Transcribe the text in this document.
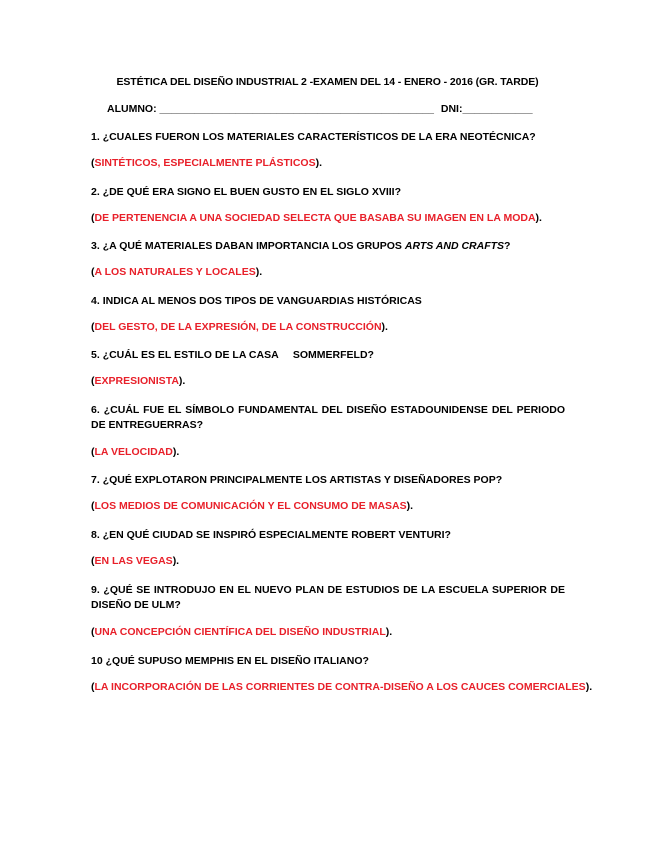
ESTÉTICA DEL DISEÑO INDUSTRIAL 2 -EXAMEN DEL 14 - ENERO - 2016 (GR. TARDE)
ALUMNO: _______________________________________________ DNI:____________
1. ¿CUALES FUERON LOS MATERIALES CARACTERÍSTICOS DE LA ERA NEOTÉCNICA?
(SINTÉTICOS, ESPECIALMENTE PLÁSTICOS).
2. ¿DE QUÉ ERA SIGNO EL BUEN GUSTO EN EL SIGLO XVIII?
(DE PERTENENCIA A UNA SOCIEDAD SELECTA QUE BASABA SU IMAGEN EN LA MODA).
3. ¿A QUÉ MATERIALES DABAN IMPORTANCIA LOS GRUPOS ARTS AND CRAFTS?
(A LOS NATURALES Y LOCALES).
4. INDICA AL MENOS DOS TIPOS DE VANGUARDIAS HISTÓRICAS
(DEL GESTO, DE LA EXPRESIÓN, DE LA CONSTRUCCIÓN).
5. ¿CUÁL ES EL ESTILO DE LA CASA     SOMMERFELD?
(EXPRESIONISTA).
6. ¿CUÁL FUE EL SÍMBOLO FUNDAMENTAL DEL DISEÑO ESTADOUNIDENSE DEL PERIODO DE ENTREGUERRAS?
(LA VELOCIDAD).
7. ¿QUÉ EXPLOTARON PRINCIPALMENTE LOS ARTISTAS Y DISEÑADORES POP?
(LOS MEDIOS DE COMUNICACIÓN Y EL CONSUMO DE MASAS).
8. ¿EN QUÉ CIUDAD SE INSPIRÓ ESPECIALMENTE ROBERT VENTURI?
(EN LAS VEGAS).
9. ¿QUÉ SE INTRODUJO EN EL NUEVO PLAN DE ESTUDIOS DE LA ESCUELA SUPERIOR DE DISEÑO DE ULM?
(UNA CONCEPCIÓN CIENTÍFICA DEL DISEÑO INDUSTRIAL).
10 ¿QUÉ SUPUSO MEMPHIS EN EL DISEÑO ITALIANO?
(LA INCORPORACIÓN DE LAS CORRIENTES DE CONTRA-DISEÑO A LOS CAUCES COMERCIALES).
